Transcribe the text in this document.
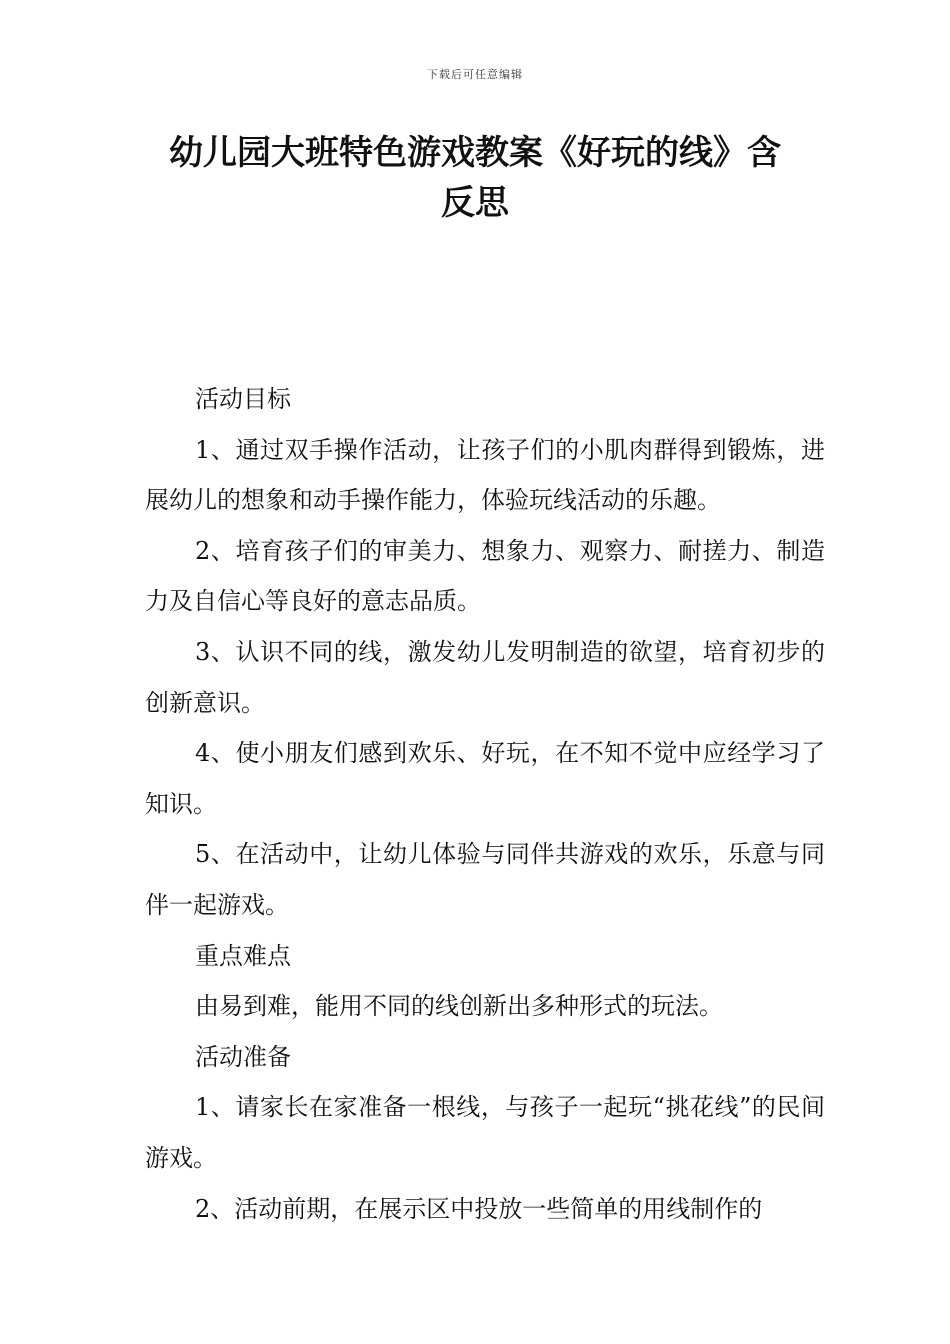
下载后可任意编辑
幼儿园大班特色游戏教案《好玩的线》含
反思

活动目标

1、通过双手操作活动，让孩子们的小肌肉群得到锻炼，进展幼儿的想象和动手操作能力，体验玩线活动的乐趣。

2、培育孩子们的审美力、想象力、观察力、耐搓力、制造力及自信心等良好的意志品质。

3、认识不同的线，激发幼儿发明制造的欲望，培育初步的创新意识。

4、使小朋友们感到欢乐、好玩，在不知不觉中应经学习了知识。

5、在活动中，让幼儿体验与同伴共游戏的欢乐，乐意与同伴一起游戏。

重点难点

由易到难，能用不同的线创新出多种形式的玩法。

活动准备

1、请家长在家准备一根线，与孩子一起玩“挑花线”的民间游戏。

2、活动前期，在展示区中投放一些简单的用线制作的
